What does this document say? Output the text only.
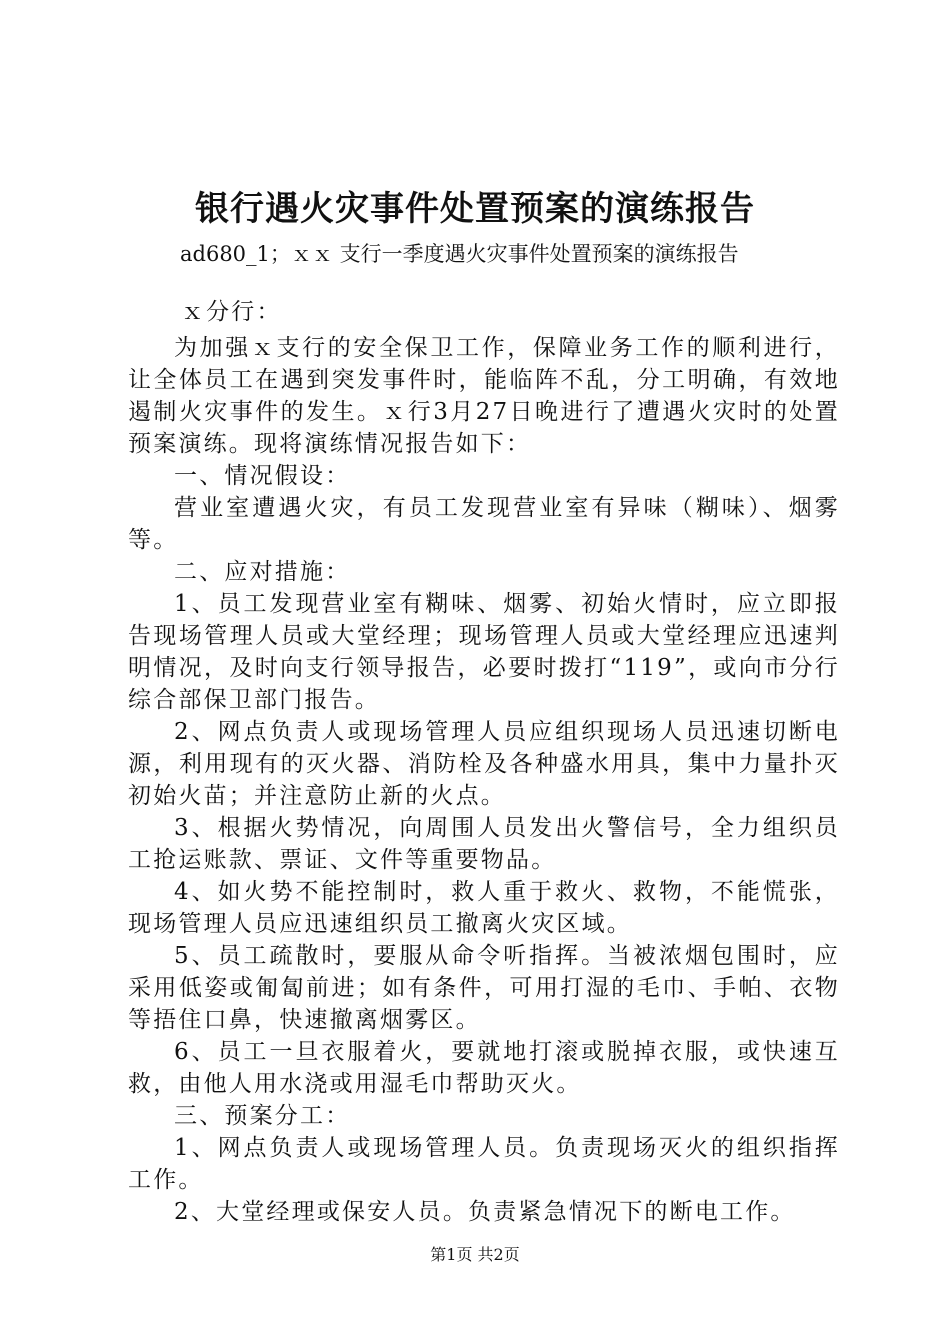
银行遇火灾事件处置预案的演练报告
ad680_1；ｘｘ 支行一季度遇火灾事件处置预案的演练报告

ｘ分行：

为加强ｘ支行的安全保卫工作，保障业务工作的顺利进行，让全体员工在遇到突发事件时，能临阵不乱，分工明确，有效地遏制火灾事件的发生。ｘ行3月27日晚进行了遭遇火灾时的处置预案演练。现将演练情况报告如下：

一、情况假设：

营业室遭遇火灾，有员工发现营业室有异味（糊味）、烟雾等。

二、应对措施：

1、员工发现营业室有糊味、烟雾、初始火情时，应立即报告现场管理人员或大堂经理；现场管理人员或大堂经理应迅速判明情况，及时向支行领导报告，必要时拨打“119”，或向市分行综合部保卫部门报告。

2、网点负责人或现场管理人员应组织现场人员迅速切断电源，利用现有的灭火器、消防栓及各种盛水用具，集中力量扑灭初始火苗；并注意防止新的火点。

3、根据火势情况，向周围人员发出火警信号，全力组织员工抢运账款、票证、文件等重要物品。

4、如火势不能控制时，救人重于救火、救物，不能慌张，现场管理人员应迅速组织员工撤离火灾区域。

5、员工疏散时，要服从命令听指挥。当被浓烟包围时，应采用低姿或匍匐前进；如有条件，可用打湿的毛巾、手帕、衣物等捂住口鼻，快速撤离烟雾区。

6、员工一旦衣服着火，要就地打滚或脱掉衣服，或快速互救，由他人用水浇或用湿毛巾帮助灭火。

三、预案分工：

1、网点负责人或现场管理人员。负责现场灭火的组织指挥工作。

2、大堂经理或保安人员。负责紧急情况下的断电工作。

第1页 共2页
